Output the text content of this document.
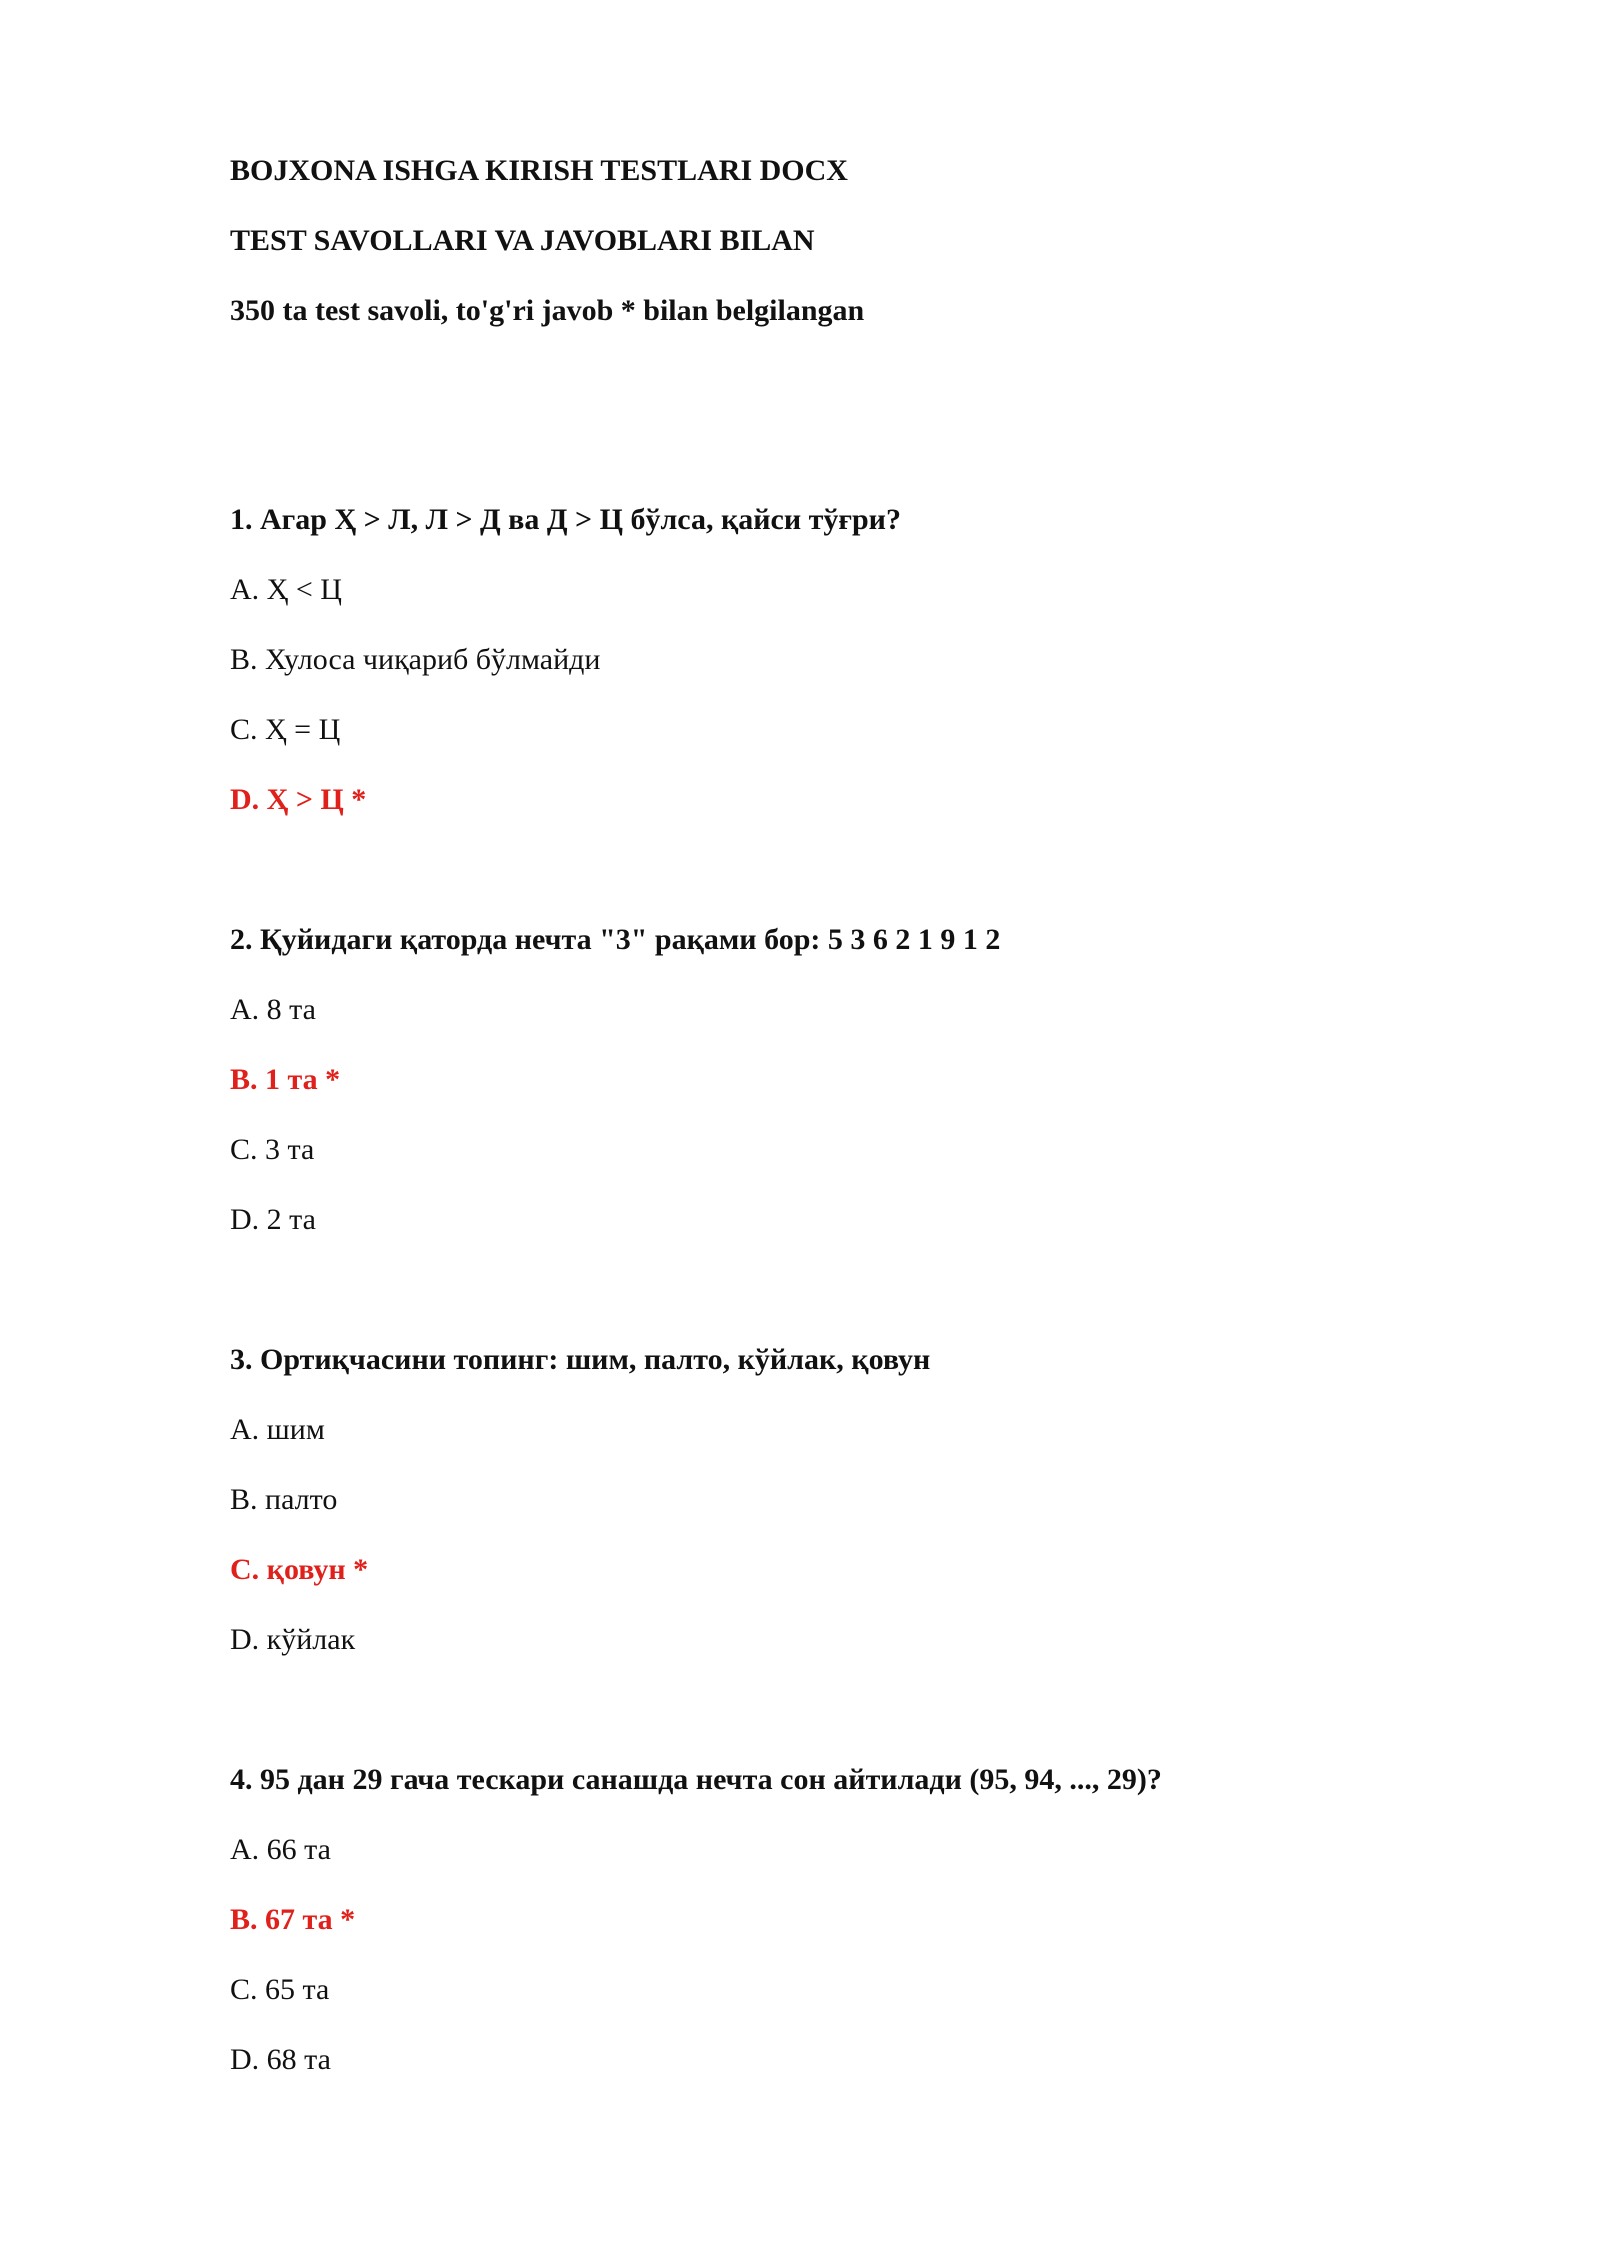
BOJXONA ISHGA KIRISH TESTLARI DOCX
TEST SAVOLLARI VA JAVOBLARI BILAN
350 ta test savoli, to'g'ri javob * bilan belgilangan
1. Агар Ҳ > Л, Л > Д ва Д > Ц бўлса, қайси тўғри?
A. Ҳ < Ц
B. Хулоса чиқариб бўлмайди
C. Ҳ = Ц
D. Ҳ > Ц *
2. Қуйидаги қаторда нечта "3" рақами бор: 5 3 6 2 1 9 1 2
A. 8 та
B. 1 та *
C. 3 та
D. 2 та
3. Ортиқчасини топинг: шим, палто, кўйлак, қовун
A. шим
B. палто
C. қовун *
D. кўйлак
4. 95 дан 29 гача тескари санашда нечта сон айтилади (95, 94, ..., 29)?
A. 66 та
B. 67 та *
C. 65 та
D. 68 та
